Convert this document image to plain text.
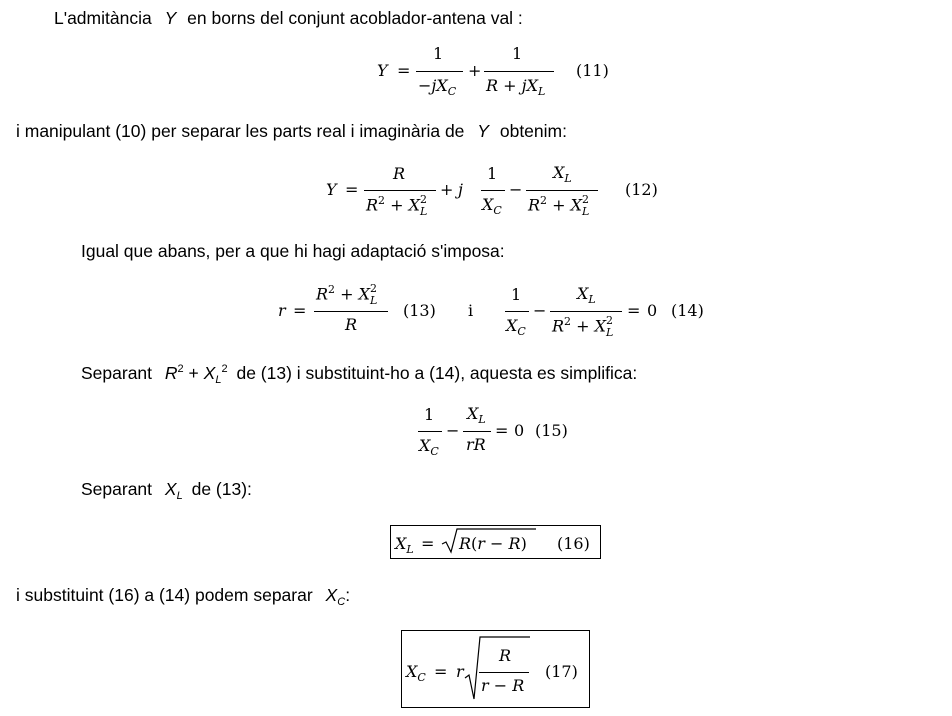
L'admitància Y en borns del conjunt acoblador-antena val :
i manipulant (10) per separar les parts real i imaginària de Y obtenim:
Igual que abans, per a que hi hagi adaptació s'imposa:
Separant $R^2 + X_L^2$ de (13) i substituint-ho a (14), aquesta es simplifica:
Separant $X_L$ de (13):
i substituint (16) a (14) podem separar $X_C$:
Y =
1
$-jX_C$
+
1
$R + jX_L$
(11)
Y =
R
$R^2 + X$ 2
L
+ j
1
$X_C$
−
$X_L$
$R^2 + X$ 2
L
(12)
r =
$R^2 + X$ 2
L
R
(13) i
1
$X_C$
−
$X_L$
$R^2 + X$ 2
L
= 0 (14)
1
$X_C$
−
$X_L$
rR
= 0 (15)
$X_L = R(r - R)$ (16)
$X_C = r$
R
r − R
(17)
